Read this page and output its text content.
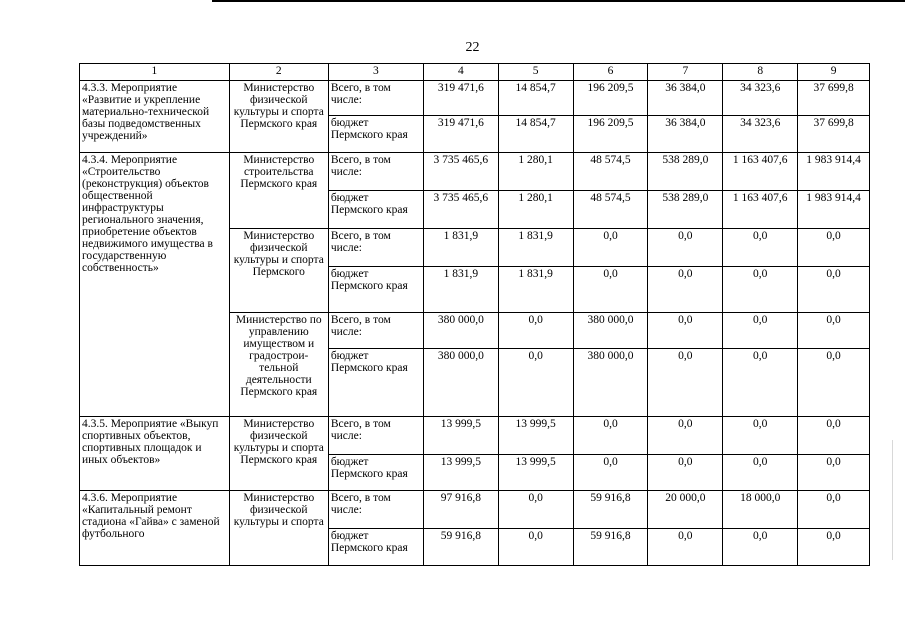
22
1	2	3	4	5	6	7	8	9
4.3.3. Мероприятие «Развитие и укрепление материально-технической базы подведомственных учреждений»	Министерство физической культуры и спорта Пермского края	Всего, в том числе:	319 471,6	14 854,7	196 209,5	36 384,0	34 323,6	37 699,8
		бюджет Пермского края	319 471,6	14 854,7	196 209,5	36 384,0	34 323,6	37 699,8
4.3.4. Мероприятие «Строительство (реконструкция) объектов общественной инфраструктуры регионального значения, приобретение объектов недвижимого имущества в государственную собственность»	Министерство строительства Пермского края	Всего, в том числе:	3 735 465,6	1 280,1	48 574,5	538 289,0	1 163 407,6	1 983 914,4
		бюджет Пермского края	3 735 465,6	1 280,1	48 574,5	538 289,0	1 163 407,6	1 983 914,4
	Министерство физической культуры и спорта Пермского	Всего, в том числе:	1 831,9	1 831,9	0,0	0,0	0,0	0,0
		бюджет Пермского края	1 831,9	1 831,9	0,0	0,0	0,0	0,0
	Министерство по управлению имуществом и градострои-тельной деятельности Пермского края	Всего, в том числе:	380 000,0	0,0	380 000,0	0,0	0,0	0,0
		бюджет Пермского края	380 000,0	0,0	380 000,0	0,0	0,0	0,0
4.3.5. Мероприятие «Выкуп спортивных объектов, спортивных площадок и иных объектов»	Министерство физической культуры и спорта Пермского края	Всего, в том числе:	13 999,5	13 999,5	0,0	0,0	0,0	0,0
		бюджет Пермского края	13 999,5	13 999,5	0,0	0,0	0,0	0,0
4.3.6. Мероприятие «Капитальный ремонт стадиона «Гайва» с заменой футбольного	Министерство физической культуры и спорта	Всего, в том числе:	97 916,8	0,0	59 916,8	20 000,0	18 000,0	0,0
		бюджет Пермского края	59 916,8	0,0	59 916,8	0,0	0,0	0,0
